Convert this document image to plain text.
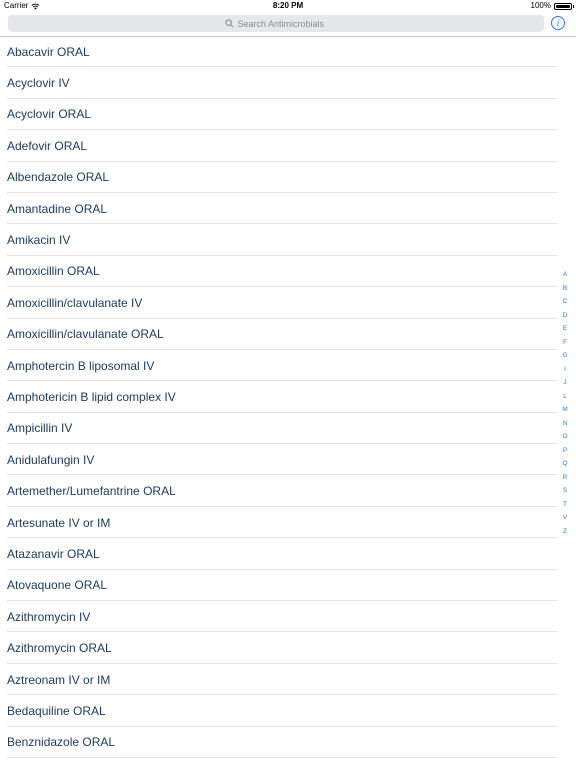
Carrier	8:20 PM	100%
Search Antimicrobials
i
Abacavir ORAL
Acyclovir IV
Acyclovir ORAL
Adefovir ORAL
Albendazole ORAL
Amantadine ORAL
Amikacin IV
Amoxicillin ORAL
Amoxicillin/clavulanate IV
Amoxicillin/clavulanate ORAL
Amphotercin B liposomal IV
Amphotericin B lipid complex IV
Ampicillin IV
Anidulafungin IV
Artemether/Lumefantrine ORAL
Artesunate IV or IM
Atazanavir ORAL
Atovaquone ORAL
Azithromycin IV
Azithromycin ORAL
Aztreonam IV or IM
Bedaquiline ORAL
Benznidazole ORAL
A
B
C
D
E
F
G
I
J
L
M
N
O
P
Q
R
S
T
V
Z
